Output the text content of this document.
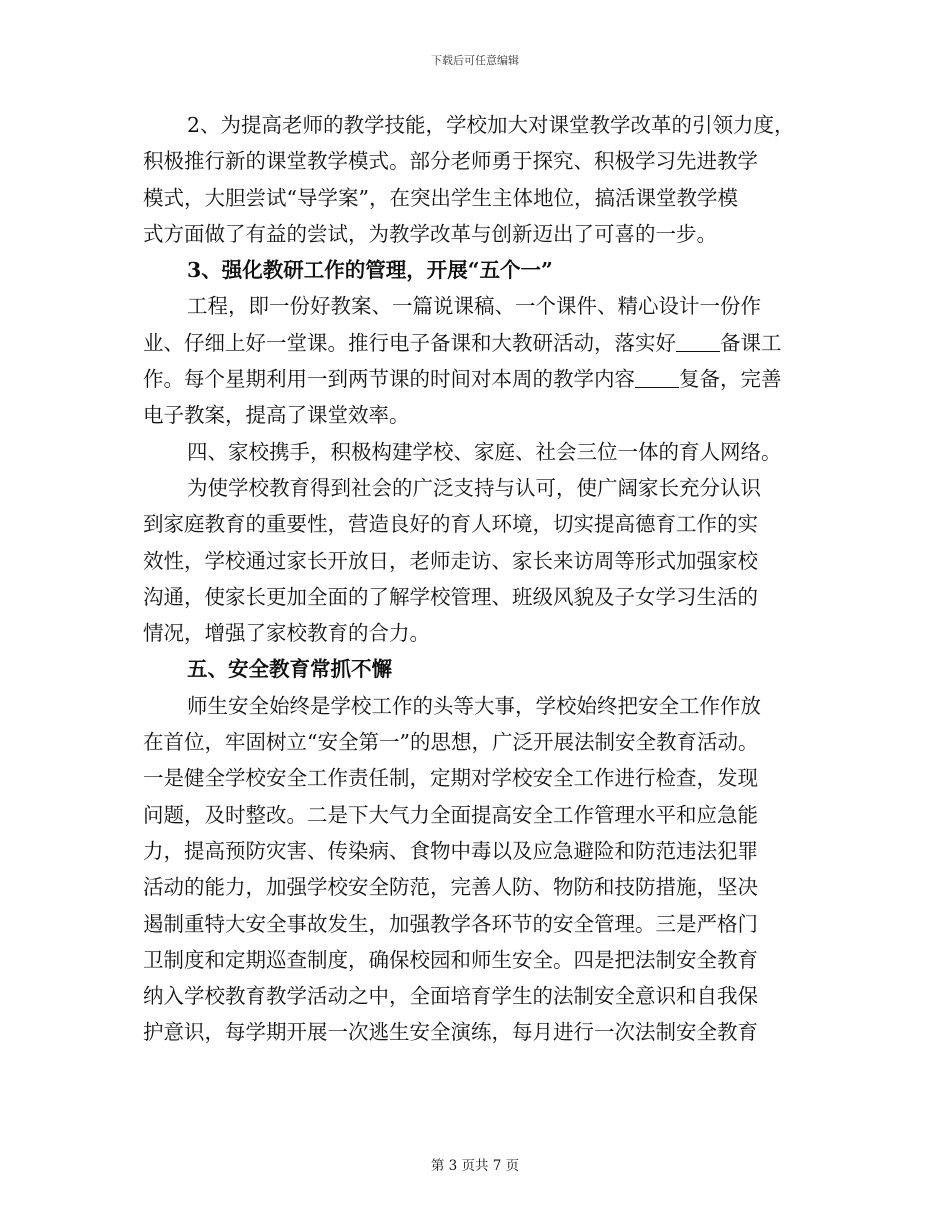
下载后可任意编辑
2、为提高老师的教学技能，学校加大对课堂教学改革的引领力度，
积极推行新的课堂教学模式。部分老师勇于探究、积极学习先进教学
模式，大胆尝试“导学案”，在突出学生主体地位，搞活课堂教学模
式方面做了有益的尝试，为教学改革与创新迈出了可喜的一步。
3、强化教研工作的管理，开展“五个一”
工程，即一份好教案、一篇说课稿、一个课件、精心设计一份作
业、仔细上好一堂课。推行电子备课和大教研活动，落实好 备课工
作。每个星期利用一到两节课的时间对本周的教学内容 复备，完善
电子教案，提高了课堂效率。
四、家校携手，积极构建学校、家庭、社会三位一体的育人网络。
为使学校教育得到社会的广泛支持与认可，使广阔家长充分认识
到家庭教育的重要性，营造良好的育人环境，切实提高德育工作的实
效性，学校通过家长开放日，老师走访、家长来访周等形式加强家校
沟通，使家长更加全面的了解学校管理、班级风貌及子女学习生活的
情况，增强了家校教育的合力。
五、安全教育常抓不懈
师生安全始终是学校工作的头等大事，学校始终把安全工作作放
在首位，牢固树立“安全第一”的思想，广泛开展法制安全教育活动。
一是健全学校安全工作责任制，定期对学校安全工作进行检查，发现
问题，及时整改。二是下大气力全面提高安全工作管理水平和应急能
力，提高预防灾害、传染病、食物中毒以及应急避险和防范违法犯罪
活动的能力，加强学校安全防范，完善人防、物防和技防措施，坚决
遏制重特大安全事故发生，加强教学各环节的安全管理。三是严格门
卫制度和定期巡查制度，确保校园和师生安全。四是把法制安全教育
纳入学校教育教学活动之中，全面培育学生的法制安全意识和自我保
护意识，每学期开展一次逃生安全演练，每月进行一次法制安全教育
第 3 页共 7 页
